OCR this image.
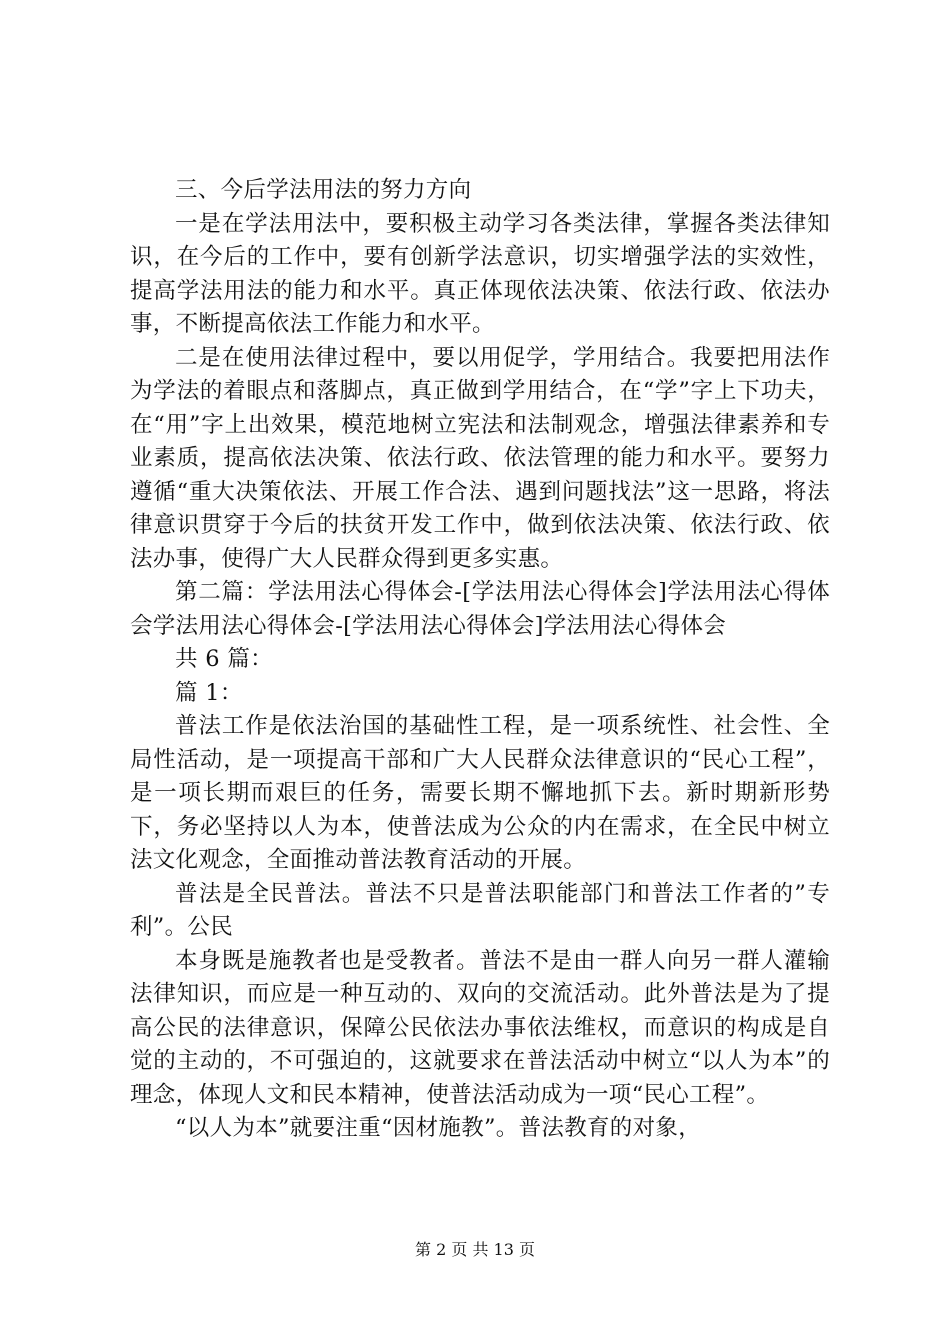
三、今后学法用法的努力方向

一是在学法用法中，要积极主动学习各类法律，掌握各类法律知识，在今后的工作中，要有创新学法意识，切实增强学法的实效性，提高学法用法的能力和水平。真正体现依法决策、依法行政、依法办事，不断提高依法工作能力和水平。

二是在使用法律过程中，要以用促学，学用结合。我要把用法作为学法的着眼点和落脚点，真正做到学用结合，在“学”字上下功夫，在“用”字上出效果，模范地树立宪法和法制观念，增强法律素养和专业素质，提高依法决策、依法行政、依法管理的能力和水平。要努力遵循“重大决策依法、开展工作合法、遇到问题找法”这一思路，将法律意识贯穿于今后的扶贫开发工作中，做到依法决策、依法行政、依法办事，使得广大人民群众得到更多实惠。

第二篇：学法用法心得体会-[学法用法心得体会]学法用法心得体会学法用法心得体会-[学法用法心得体会]学法用法心得体会

共 6 篇：

篇 1：

普法工作是依法治国的基础性工程，是一项系统性、社会性、全局性活动，是一项提高干部和广大人民群众法律意识的“民心工程”，是一项长期而艰巨的任务，需要长期不懈地抓下去。新时期新形势下，务必坚持以人为本，使普法成为公众的内在需求，在全民中树立法文化观念，全面推动普法教育活动的开展。

普法是全民普法。普法不只是普法职能部门和普法工作者的”专利”。公民

本身既是施教者也是受教者。普法不是由一群人向另一群人灌输法律知识，而应是一种互动的、双向的交流活动。此外普法是为了提高公民的法律意识，保障公民依法办事依法维权，而意识的构成是自觉的主动的，不可强迫的，这就要求在普法活动中树立“以人为本”的理念，体现人文和民本精神，使普法活动成为一项“民心工程”。

“以人为本”就要注重“因材施教”。普法教育的对象，

第 2 页 共 13 页
